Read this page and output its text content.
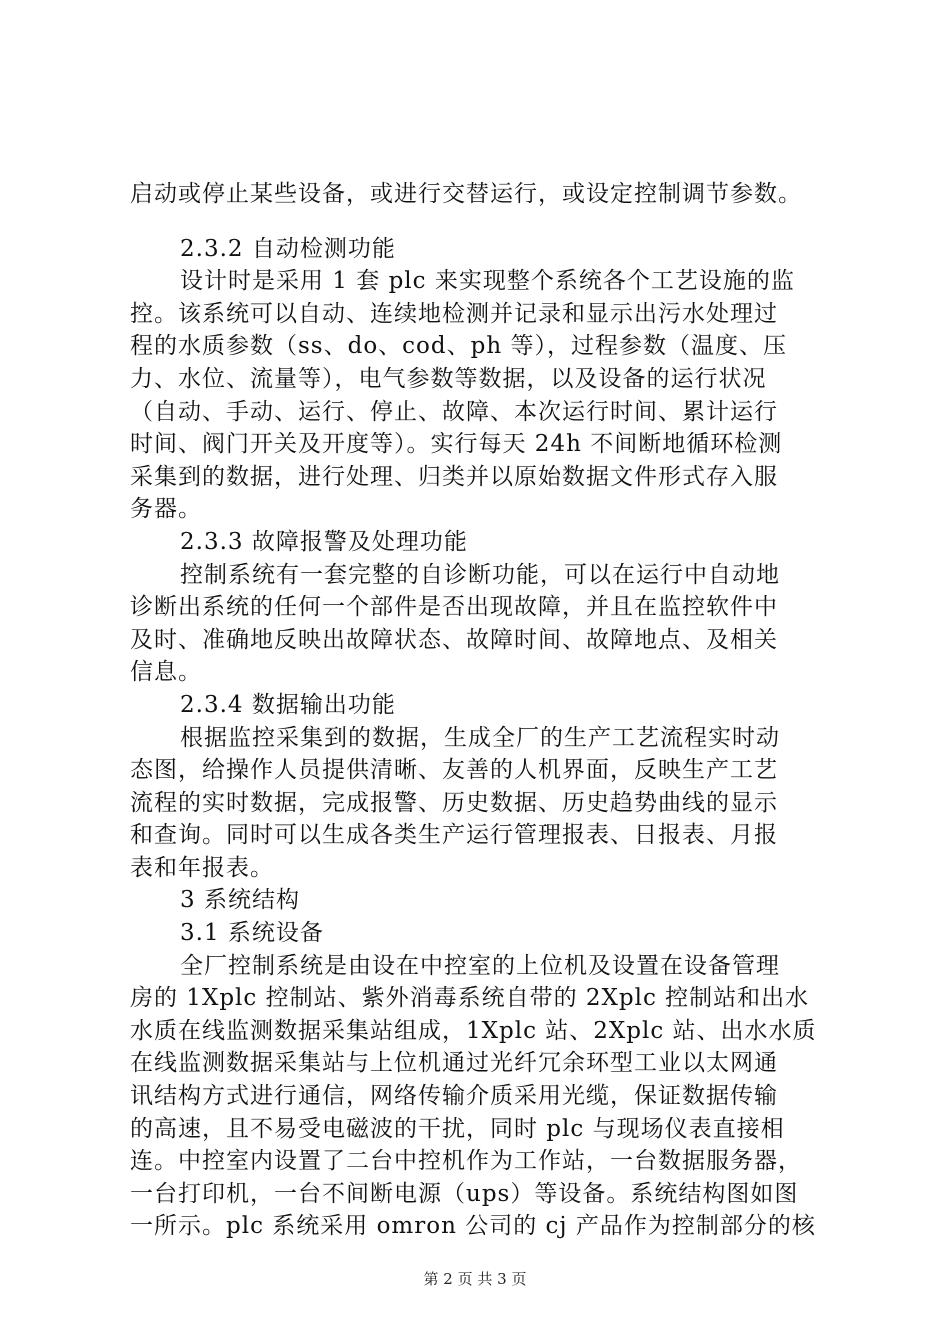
启动或停止某些设备，或进行交替运行，或设定控制调节参数。
2.3.2 自动检测功能
设计时是采用 1 套 plc 来实现整个系统各个工艺设施的监
控。该系统可以自动、连续地检测并记录和显示出污水处理过
程的水质参数（ss、do、cod、ph 等），过程参数（温度、压
力、水位、流量等），电气参数等数据，以及设备的运行状况
（自动、手动、运行、停止、故障、本次运行时间、累计运行
时间、阀门开关及开度等）。实行每天 24h 不间断地循环检测
采集到的数据，进行处理、归类并以原始数据文件形式存入服
务器。
2.3.3 故障报警及处理功能
控制系统有一套完整的自诊断功能，可以在运行中自动地
诊断出系统的任何一个部件是否出现故障，并且在监控软件中
及时、准确地反映出故障状态、故障时间、故障地点、及相关
信息。
2.3.4 数据输出功能
根据监控采集到的数据，生成全厂的生产工艺流程实时动
态图，给操作人员提供清晰、友善的人机界面，反映生产工艺
流程的实时数据，完成报警、历史数据、历史趋势曲线的显示
和查询。同时可以生成各类生产运行管理报表、日报表、月报
表和年报表。
3 系统结构
3.1 系统设备
全厂控制系统是由设在中控室的上位机及设置在设备管理
房的 1Xplc 控制站、紫外消毒系统自带的 2Xplc 控制站和出水
水质在线监测数据采集站组成，1Xplc 站、2Xplc 站、出水水质
在线监测数据采集站与上位机通过光纤冗余环型工业以太网通
讯结构方式进行通信，网络传输介质采用光缆，保证数据传输
的高速，且不易受电磁波的干扰，同时 plc 与现场仪表直接相
连。中控室内设置了二台中控机作为工作站，一台数据服务器，
一台打印机，一台不间断电源（ups）等设备。系统结构图如图
一所示。plc 系统采用 omron 公司的 cj 产品作为控制部分的核
第 2 页 共 3 页
